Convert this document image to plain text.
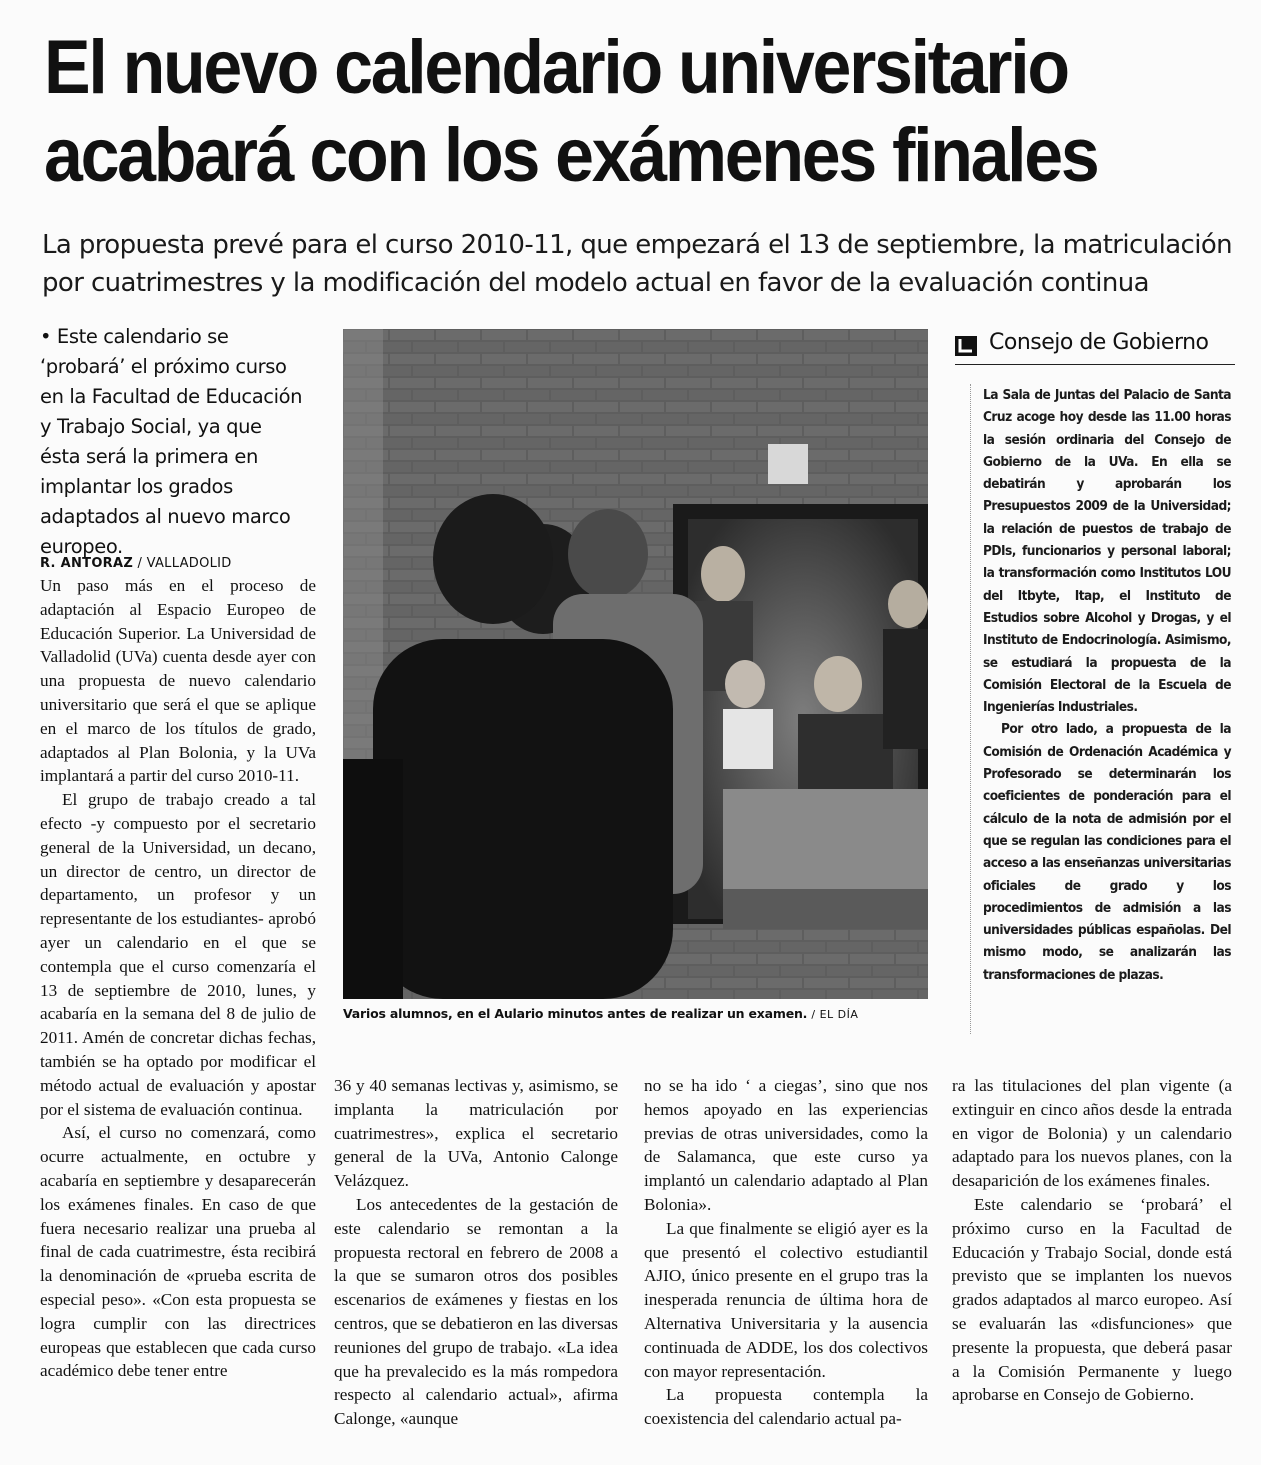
El nuevo calendario universitario
acabará con los exámenes finales
La propuesta prevé para el curso 2010-11, que empezará el 13 de septiembre, la matriculación
por cuatrimestres y la modificación del modelo actual en favor de la evaluación continua
• Este calendario se ‘probará’ el próximo curso en la Facultad de Educación y Trabajo Social, ya que ésta será la primera en implantar los grados adaptados al nuevo marco europeo.
R. ANTORAZ / VALLADOLID

Un paso más en el proceso de adaptación al Espacio Europeo de Educación Superior. La Universidad de Valladolid (UVa) cuenta desde ayer con una propuesta de nuevo calendario universitario que será el que se aplique en el marco de los títulos de grado, adaptados al Plan Bolonia, y la UVa implantará a partir del curso 2010-11.

El grupo de trabajo creado a tal efecto -y compuesto por el secretario general de la Universidad, un decano, un director de centro, un director de departamento, un profesor y un representante de los estudiantes- aprobó ayer un calendario en el que se contempla que el curso comenzaría el 13 de septiembre de 2010, lunes, y acabaría en la semana del 8 de julio de 2011. Amén de concretar dichas fechas, también se ha optado por modificar el método actual de evaluación y apostar por el sistema de evaluación continua.

Así, el curso no comenzará, como ocurre actualmente, en octubre y acabaría en septiembre y desaparecerán los exámenes finales. En caso de que fuera necesario realizar una prueba al final de cada cuatrimestre, ésta recibirá la denominación de «prueba escrita de especial peso». «Con esta propuesta se logra cumplir con las directrices europeas que establecen que cada curso académico debe tener entre

Varios alumnos, en el Aulario minutos antes de realizar un examen. / EL DÍA
Consejo de Gobierno

La Sala de Juntas del Palacio de Santa Cruz acoge hoy desde las 11.00 horas la sesión ordinaria del Consejo de Gobierno de la UVa. En ella se debatirán y aprobarán los Presupuestos 2009 de la Universidad; la relación de puestos de trabajo de PDIs, funcionarios y personal laboral; la transformación como Institutos LOU del Itbyte, Itap, el Instituto de Estudios sobre Alcohol y Drogas, y el Instituto de Endocrinología. Asimismo, se estudiará la propuesta de la Comisión Electoral de la Escuela de Ingenierías Industriales.

Por otro lado, a propuesta de la Comisión de Ordenación Académica y Profesorado se determinarán los coeficientes de ponderación para el cálculo de la nota de admisión por el que se regulan las condiciones para el acceso a las enseñanzas universitarias oficiales de grado y los procedimientos de admisión a las universidades públicas españolas. Del mismo modo, se analizarán las transformaciones de plazas.

36 y 40 semanas lectivas y, asimismo, se implanta la matriculación por cuatrimestres», explica el secretario general de la UVa, Antonio Calonge Velázquez.

Los antecedentes de la gestación de este calendario se remontan a la propuesta rectoral en febrero de 2008 a la que se sumaron otros dos posibles escenarios de exámenes y fiestas en los centros, que se debatieron en las diversas reuniones del grupo de trabajo. «La idea que ha prevalecido es la más rompedora respecto al calendario actual», afirma Calonge, «aunque

no se ha ido ‘ a ciegas’, sino que nos hemos apoyado en las experiencias previas de otras universidades, como la de Salamanca, que este curso ya implantó un calendario adaptado al Plan Bolonia».

La que finalmente se eligió ayer es la que presentó el colectivo estudiantil AJIO, único presente en el grupo tras la inesperada renuncia de última hora de Alternativa Universitaria y la ausencia continuada de ADDE, los dos colectivos con mayor representación.

La propuesta contempla la coexistencia del calendario actual pa-

ra las titulaciones del plan vigente (a extinguir en cinco años desde la entrada en vigor de Bolonia) y un calendario adaptado para los nuevos planes, con la desaparición de los exámenes finales.

Este calendario se ‘probará’ el próximo curso en la Facultad de Educación y Trabajo Social, donde está previsto que se implanten los nuevos grados adaptados al marco europeo. Así se evaluarán las «disfunciones» que presente la propuesta, que deberá pasar a la Comisión Permanente y luego aprobarse en Consejo de Gobierno.
